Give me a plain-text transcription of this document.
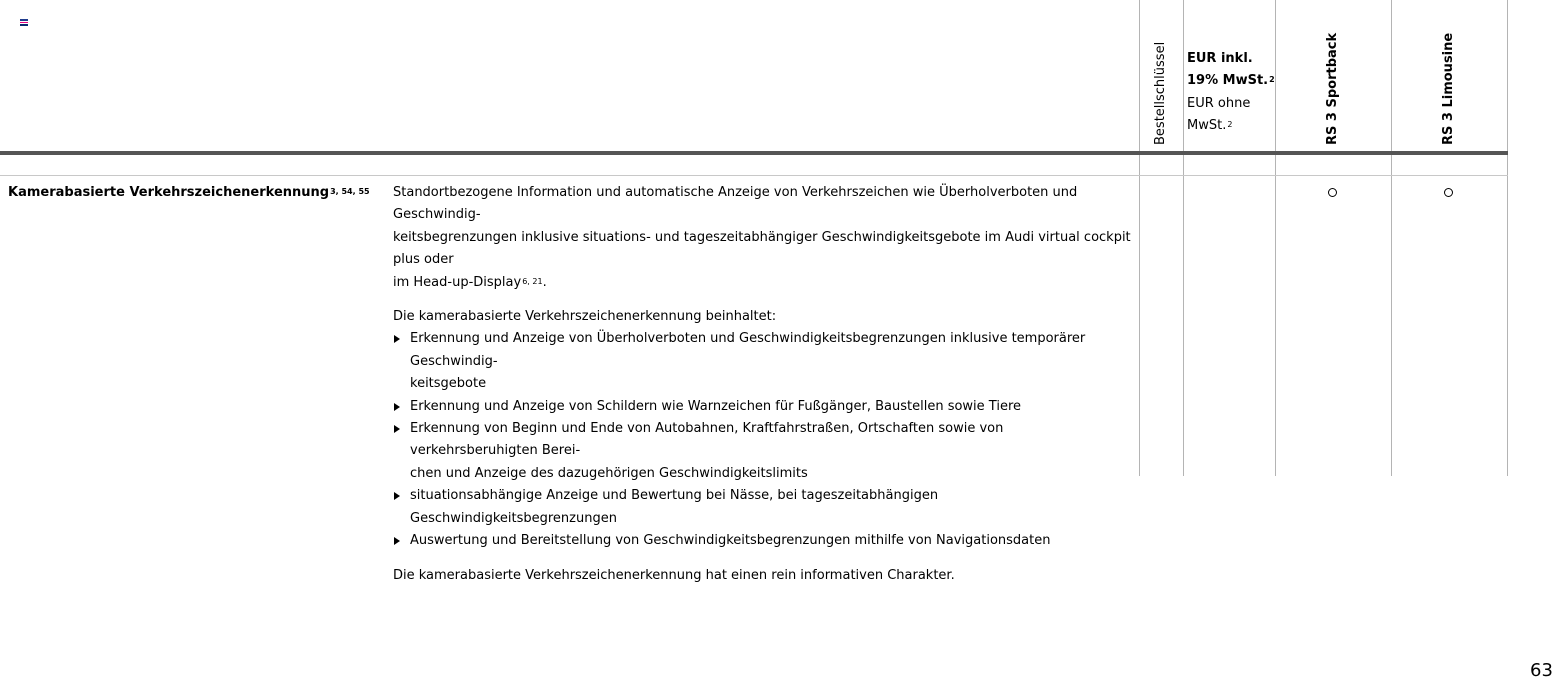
Bestellschlüssel EUR inkl.
19% MwSt.$^2$
EUR ohne
MwSt.$^2$	RS 3 Sportback	RS 3 Limousine
Kamerabasierte Verkehrszeichenerkennung$^{3, 54, 55}$ Standortbezogene Information und automatische Anzeige von Verkehrszeichen wie Überholverboten und Geschwindig-
keitsbegrenzungen inklusive situations- und tageszeitabhängiger Geschwindigkeitsgebote im Audi virtual cockpit plus oder
im Head-up-Display$^{6, 21}$.

Die kamerabasierte Verkehrszeichenerkennung beinhaltet:

Erkennung und Anzeige von Überholverboten und Geschwindigkeitsbegrenzungen inklusive temporärer Geschwindig-
keitsgebote
Erkennung und Anzeige von Schildern wie Warnzeichen für Fußgänger, Baustellen sowie Tiere
Erkennung von Beginn und Ende von Autobahnen, Kraftfahrstraßen, Ortschaften sowie von verkehrsberuhigten Berei-
chen und Anzeige des dazugehörigen Geschwindigkeitslimits
situationsabhängige Anzeige und Bewertung bei Nässe, bei tageszeitabhängigen Geschwindigkeitsbegrenzungen
Auswertung und Bereitstellung von Geschwindigkeitsbegrenzungen mithilfe von Navigationsdaten

Die kamerabasierte Verkehrszeichenerkennung hat einen rein informativen Charakter.

63
